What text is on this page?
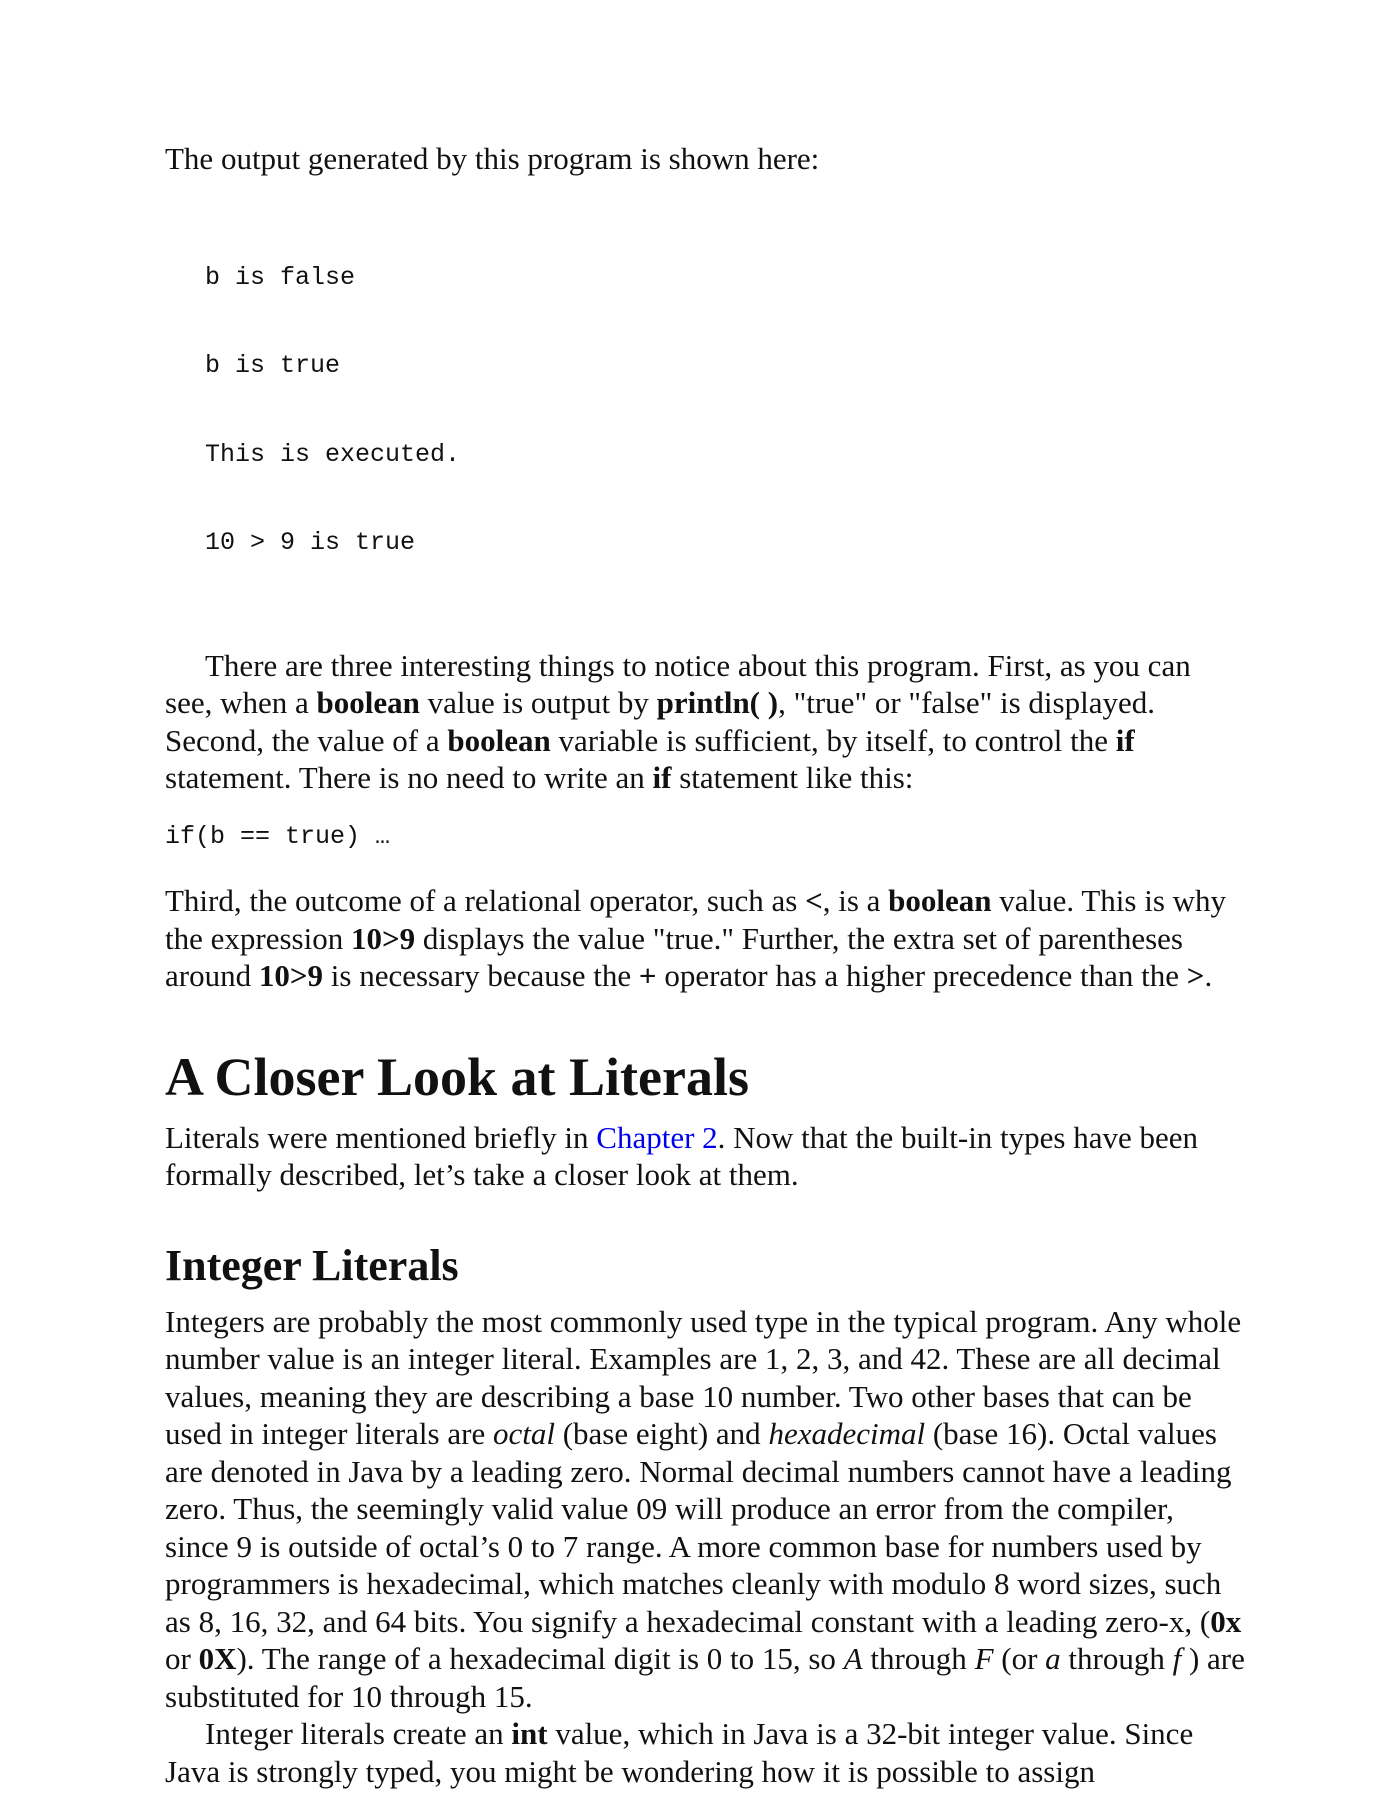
The output generated by this program is shown here:

b is false

b is true

This is executed.

10 > 9 is true

There are three interesting things to notice about this program. First, as you can see, when a boolean value is output by println( ), "true" or "false" is displayed. Second, the value of a boolean variable is sufficient, by itself, to control the if statement. There is no need to write an if statement like this:

if(b == true) …

Third, the outcome of a relational operator, such as <, is a boolean value. This is why the expression 10>9 displays the value "true." Further, the extra set of parentheses around 10>9 is necessary because the + operator has a higher precedence than the >.

A Closer Look at Literals

Literals were mentioned briefly in Chapter 2. Now that the built-in types have been formally described, let’s take a closer look at them.

Integer Literals

Integers are probably the most commonly used type in the typical program. Any whole number value is an integer literal. Examples are 1, 2, 3, and 42. These are all decimal values, meaning they are describing a base 10 number. Two other bases that can be used in integer literals are octal (base eight) and hexadecimal (base 16). Octal values are denoted in Java by a leading zero. Normal decimal numbers cannot have a leading zero. Thus, the seemingly valid value 09 will produce an error from the compiler, since 9 is outside of octal’s 0 to 7 range. A more common base for numbers used by programmers is hexadecimal, which matches cleanly with modulo 8 word sizes, such as 8, 16, 32, and 64 bits. You signify a hexadecimal constant with a leading zero-x, (0x or 0X). The range of a hexadecimal digit is 0 to 15, so A through F (or a through f ) are substituted for 10 through 15.

Integer literals create an int value, which in Java is a 32-bit integer value. Since Java is strongly typed, you might be wondering how it is possible to assign
